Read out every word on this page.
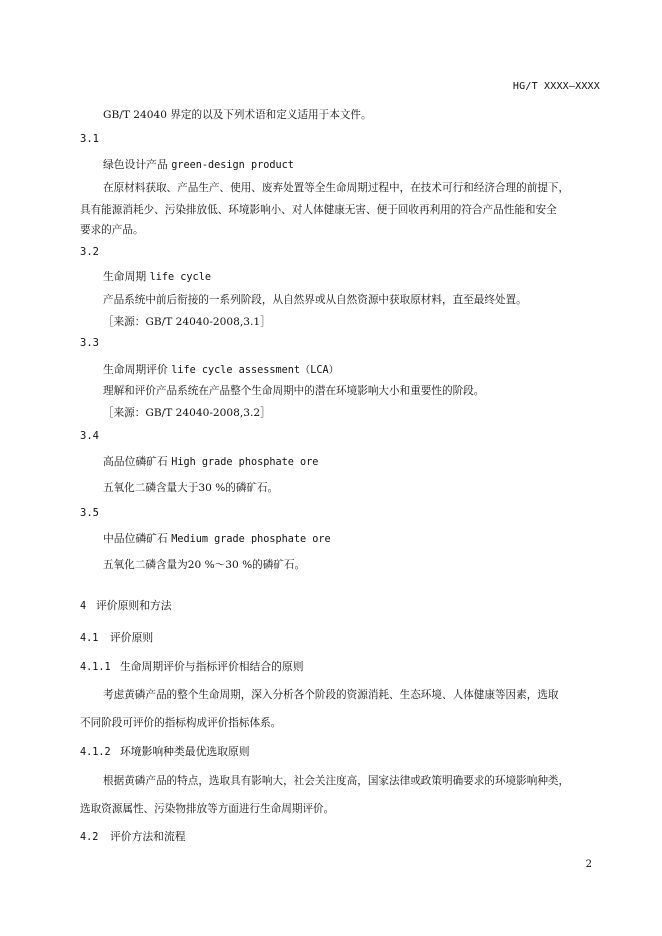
HG/T XXXX—XXXX
GB/T 24040 界定的以及下列术语和定义适用于本文件。
3.1
绿色设计产品 green-design product
在原材料获取、产品生产、使用、废弃处置等全生命周期过程中，在技术可行和经济合理的前提下，
具有能源消耗少、污染排放低、环境影响小、对人体健康无害、便于回收再利用的符合产品性能和安全
要求的产品。
3.2
生命周期 life cycle
产品系统中前后衔接的一系列阶段，从自然界或从自然资源中获取原材料，直至最终处置。
［来源：GB/T 24040-2008,3.1］
3.3
生命周期评价 life cycle assessment（LCA）
理解和评价产品系统在产品整个生命周期中的潜在环境影响大小和重要性的阶段。
［来源：GB/T 24040-2008,3.2］
3.4
高品位磷矿石 High grade phosphate ore
五氧化二磷含量大于30 %的磷矿石。
3.5
中品位磷矿石 Medium grade phosphate ore
五氧化二磷含量为20 %～30 %的磷矿石。
4 评价原则和方法
4.1 评价原则
4.1.1 生命周期评价与指标评价相结合的原则
考虑黄磷产品的整个生命周期，深入分析各个阶段的资源消耗、生态环境、人体健康等因素，选取
不同阶段可评价的指标构成评价指标体系。
4.1.2 环境影响种类最优选取原则
根据黄磷产品的特点，选取具有影响大，社会关注度高，国家法律或政策明确要求的环境影响种类，
选取资源属性、污染物排放等方面进行生命周期评价。
4.2 评价方法和流程
2
